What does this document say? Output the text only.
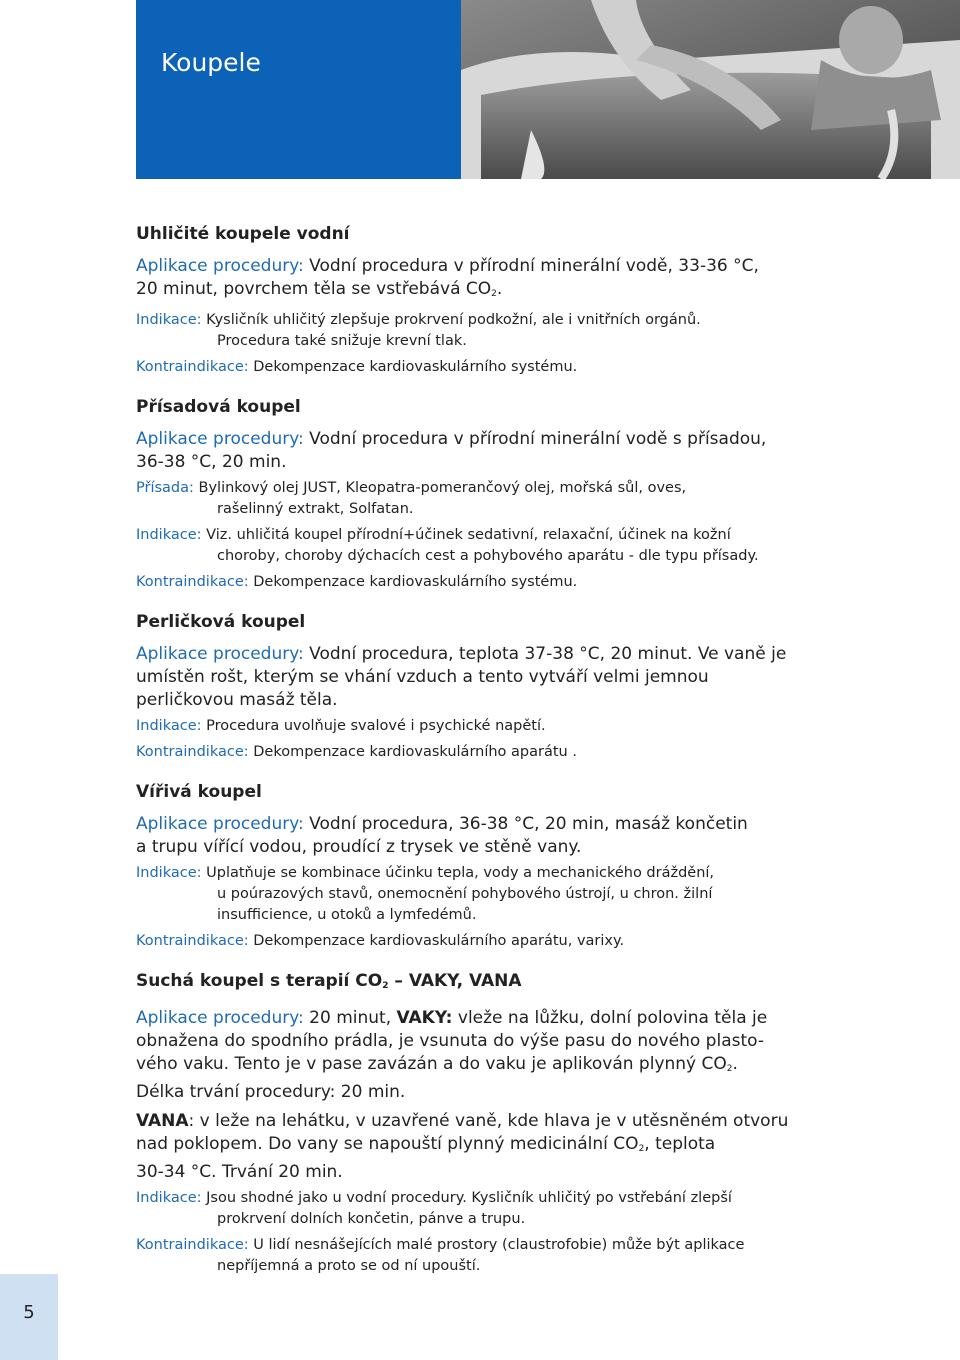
Koupele
Uhličité koupele vodní
Aplikace procedury: Vodní procedura v přírodní minerální vodě, 33-36 °C,
20 minut, povrchem těla se vstřebává $CO_2$.
Indikace: Kysličník uhličitý zlepšuje prokrvení podkožní, ale i vnitřních orgánů.
Procedura také snižuje krevní tlak.
Kontraindikace: Dekompenzace kardiovaskulárního systému.
Přísadová koupel
Aplikace procedury: Vodní procedura v přírodní minerální vodě s přísadou,
36-38 °C, 20 min.
Přísada: Bylinkový olej JUST, Kleopatra-pomerančový olej, mořská sůl, oves,
rašelinný extrakt, Solfatan.
Indikace: Viz. uhličitá koupel přírodní+účinek sedativní, relaxační, účinek na kožní
choroby, choroby dýchacích cest a pohybového aparátu - dle typu přísady.
Kontraindikace: Dekompenzace kardiovaskulárního systému.
Perličková koupel
Aplikace procedury: Vodní procedura, teplota 37-38 °C, 20 minut. Ve vaně je
umístěn rošt, kterým se vhání vzduch a tento vytváří velmi jemnou
perličkovou masáž těla.
Indikace: Procedura uvolňuje svalové i psychické napětí.
Kontraindikace: Dekompenzace kardiovaskulárního aparátu .
Vířivá koupel
Aplikace procedury: Vodní procedura, 36-38 °C, 20 min, masáž končetin
a trupu vířící vodou, proudící z trysek ve stěně vany.
Indikace: Uplatňuje se kombinace účinku tepla, vody a mechanického dráždění,
u poúrazových stavů, onemocnění pohybového ústrojí, u chron. žilní
insufficience, u otoků a lymfedémů.
Kontraindikace: Dekompenzace kardiovaskulárního aparátu, varixy.
Suchá koupel s terapií $CO_2$ – VAKY, VANA
Aplikace procedury: 20 minut, VAKY: vleže na lůžku, dolní polovina těla je
obnažena do spodního prádla, je vsunuta do výše pasu do nového plasto-
vého vaku. Tento je v pase zavázán a do vaku je aplikován plynný $CO_2$.
Délka trvání procedury: 20 min.
VANA: v leže na lehátku, v uzavřené vaně, kde hlava je v utěsněném otvoru
nad poklopem. Do vany se napouští plynný medicinální $CO_2$, teplota
30-34 °C. Trvání 20 min.
Indikace: Jsou shodné jako u vodní procedury. Kysličník uhličitý po vstřebání zlepší
prokrvení dolních končetin, pánve a trupu.
Kontraindikace: U lidí nesnášejících malé prostory (claustrofobie) může být aplikace
nepříjemná a proto se od ní upouští.
5
